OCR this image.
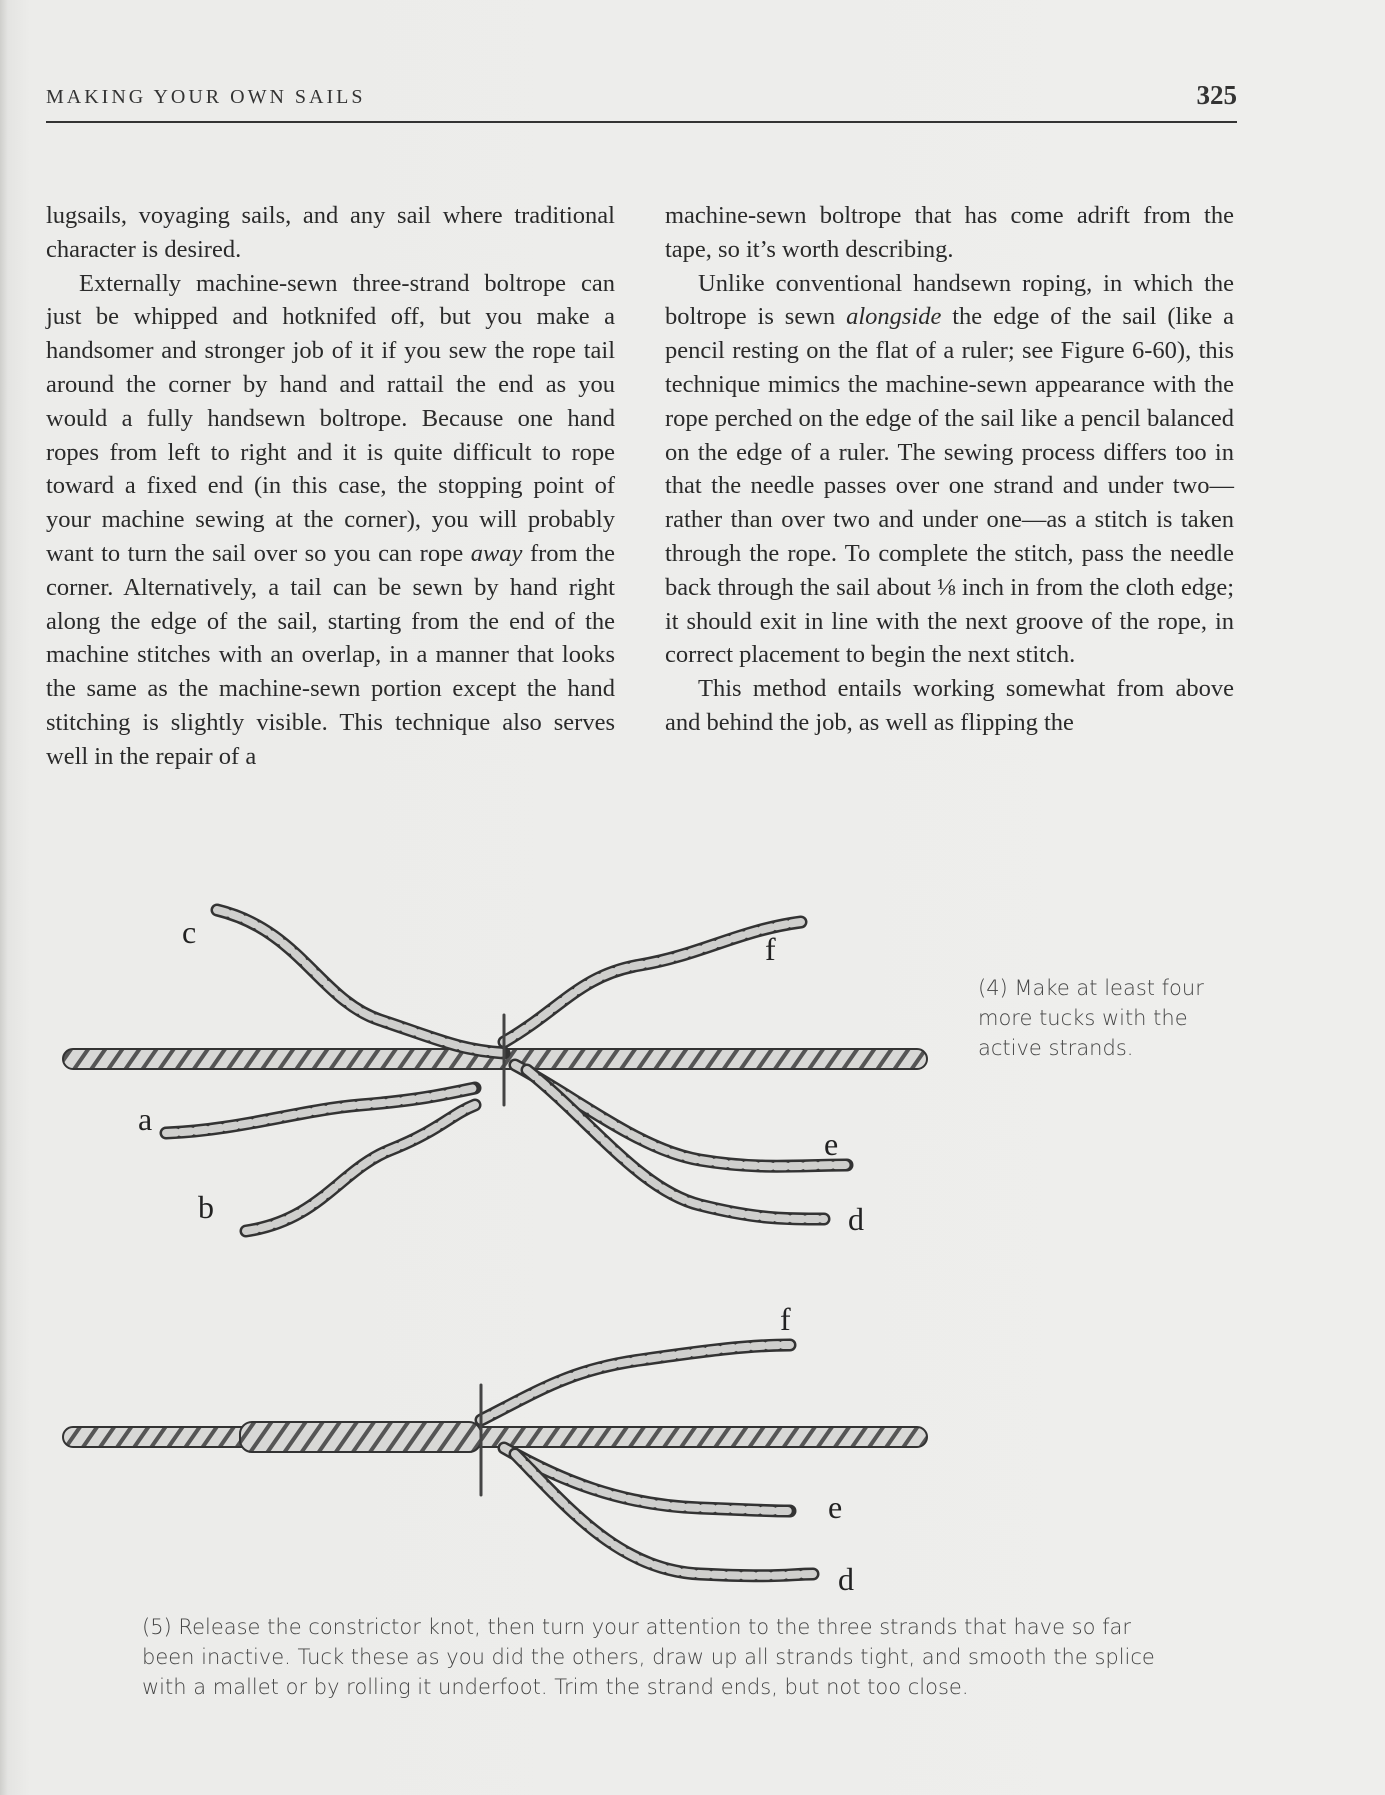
MAKING YOUR OWN SAILS	325

lugsails, voyaging sails, and any sail where traditional character is desired.

Externally machine-sewn three-strand boltrope can just be whipped and hotknifed off, but you make a handsomer and stronger job of it if you sew the rope tail around the corner by hand and rattail the end as you would a fully handsewn boltrope. Because one hand ropes from left to right and it is quite difficult to rope toward a fixed end (in this case, the stopping point of your machine sewing at the corner), you will probably want to turn the sail over so you can rope away from the corner. Alternatively, a tail can be sewn by hand right along the edge of the sail, starting from the end of the machine stitches with an overlap, in a manner that looks the same as the machine-sewn portion except the hand stitching is slightly visible. This technique also serves well in the repair of a

machine-sewn boltrope that has come adrift from the tape, so it’s worth describing.

Unlike conventional handsewn roping, in which the boltrope is sewn alongside the edge of the sail (like a pencil resting on the flat of a ruler; see Figure 6-60), this technique mimics the machine-sewn appearance with the rope perched on the edge of the sail like a pencil balanced on the edge of a ruler. The sewing process differs too in that the needle passes over one strand and under two—rather than over two and under one—as a stitch is taken through the rope. To complete the stitch, pass the needle back through the sail about ⅛ inch in from the cloth edge; it should exit in line with the next groove of the rope, in correct placement to begin the next stitch.

This method entails working somewhat from above and behind the job, as well as flipping the

c	f
a
b
e
d
f
e
d
(4) Make at least four more tucks with the active strands.
(5) Release the constrictor knot, then turn your attention to the three strands that have so far been inactive. Tuck these as you did the others, draw up all strands tight, and smooth the splice with a mallet or by rolling it underfoot. Trim the strand ends, but not too close.
